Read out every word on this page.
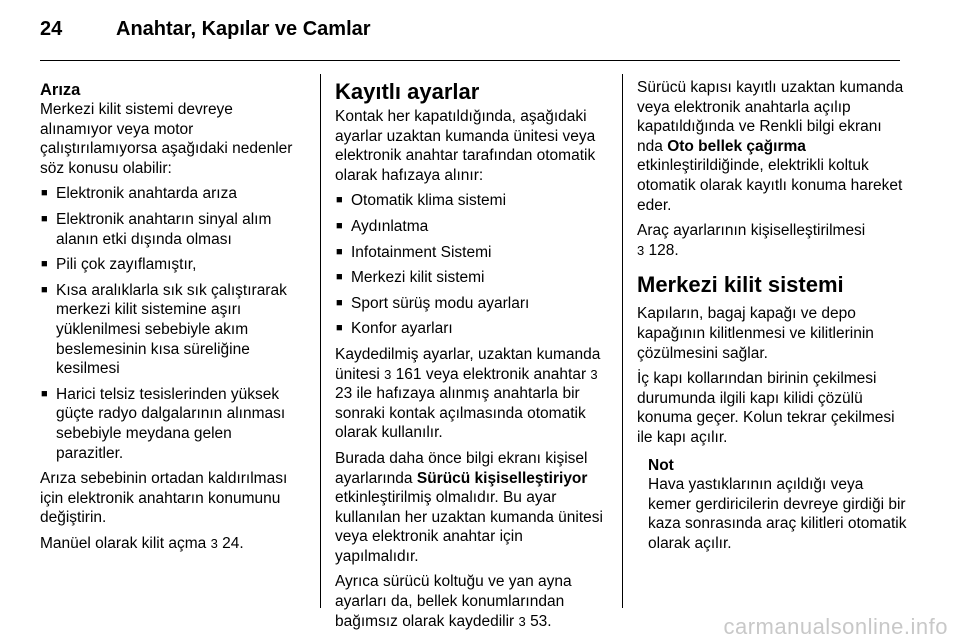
24	Anahtar, Kapılar ve Camlar
Arıza

Merkezi kilit sistemi devreye alınamıyor veya motor çalıştırılamıyorsa aşağıdaki nedenler söz konusu olabilir:

■ Elektronik anahtarda arıza
■ Elektronik anahtarın sinyal alım alanın etki dışında olması
■ Pili çok zayıflamıştır,
■ Kısa aralıklarla sık sık çalıştırarak merkezi kilit sistemine aşırı yüklenilmesi sebebiyle akım beslemesinin kısa süreliğine kesilmesi
■ Harici telsiz tesislerinden yüksek güçte radyo dalgalarının alınması sebebiyle meydana gelen parazitler.

Arıza sebebinin ortadan kaldırılması için elektronik anahtarın konumunu değiştirin.

Manüel olarak kilit açma 3 24.

Kayıtlı ayarlar

Kontak her kapatıldığında, aşağıdaki ayarlar uzaktan kumanda ünitesi veya elektronik anahtar tarafından otomatik olarak hafızaya alınır:

■ Otomatik klima sistemi
■ Aydınlatma
■ Infotainment Sistemi
■ Merkezi kilit sistemi
■ Sport sürüş modu ayarları
■ Konfor ayarları

Kaydedilmiş ayarlar, uzaktan kumanda ünitesi 3 161 veya elektronik anahtar 3 23 ile hafızaya alınmış anahtarla bir sonraki kontak açılmasında otomatik olarak kullanılır.

Burada daha önce bilgi ekranı kişisel ayarlarında Sürücü kişiselleştiriyor etkinleştirilmiş olmalıdır. Bu ayar kullanılan her uzaktan kumanda ünitesi veya elektronik anahtar için yapılmalıdır.

Ayrıca sürücü koltuğu ve yan ayna ayarları da, bellek konumlarından bağımsız olarak kaydedilir 3 53.

Sürücü kapısı kayıtlı uzaktan kumanda veya elektronik anahtarla açılıp kapatıldığında ve Renkli bilgi ekranı nda Oto bellek çağırma etkinleştirildiğinde, elektrikli koltuk otomatik olarak kayıtlı konuma hareket eder.

Araç ayarlarının kişiselleştirilmesi
3 128.

Merkezi kilit sistemi

Kapıların, bagaj kapağı ve depo kapağının kilitlenmesi ve kilitlerinin çözülmesini sağlar.

İç kapı kollarından birinin çekilmesi durumunda ilgili kapı kilidi çözülü konuma geçer. Kolun tekrar çekilmesi ile kapı açılır.

Not
Hava yastıklarının açıldığı veya kemer gerdiricilerin devreye girdiği bir kaza sonrasında araç kilitleri otomatik olarak açılır.
carmanualsonline.info
